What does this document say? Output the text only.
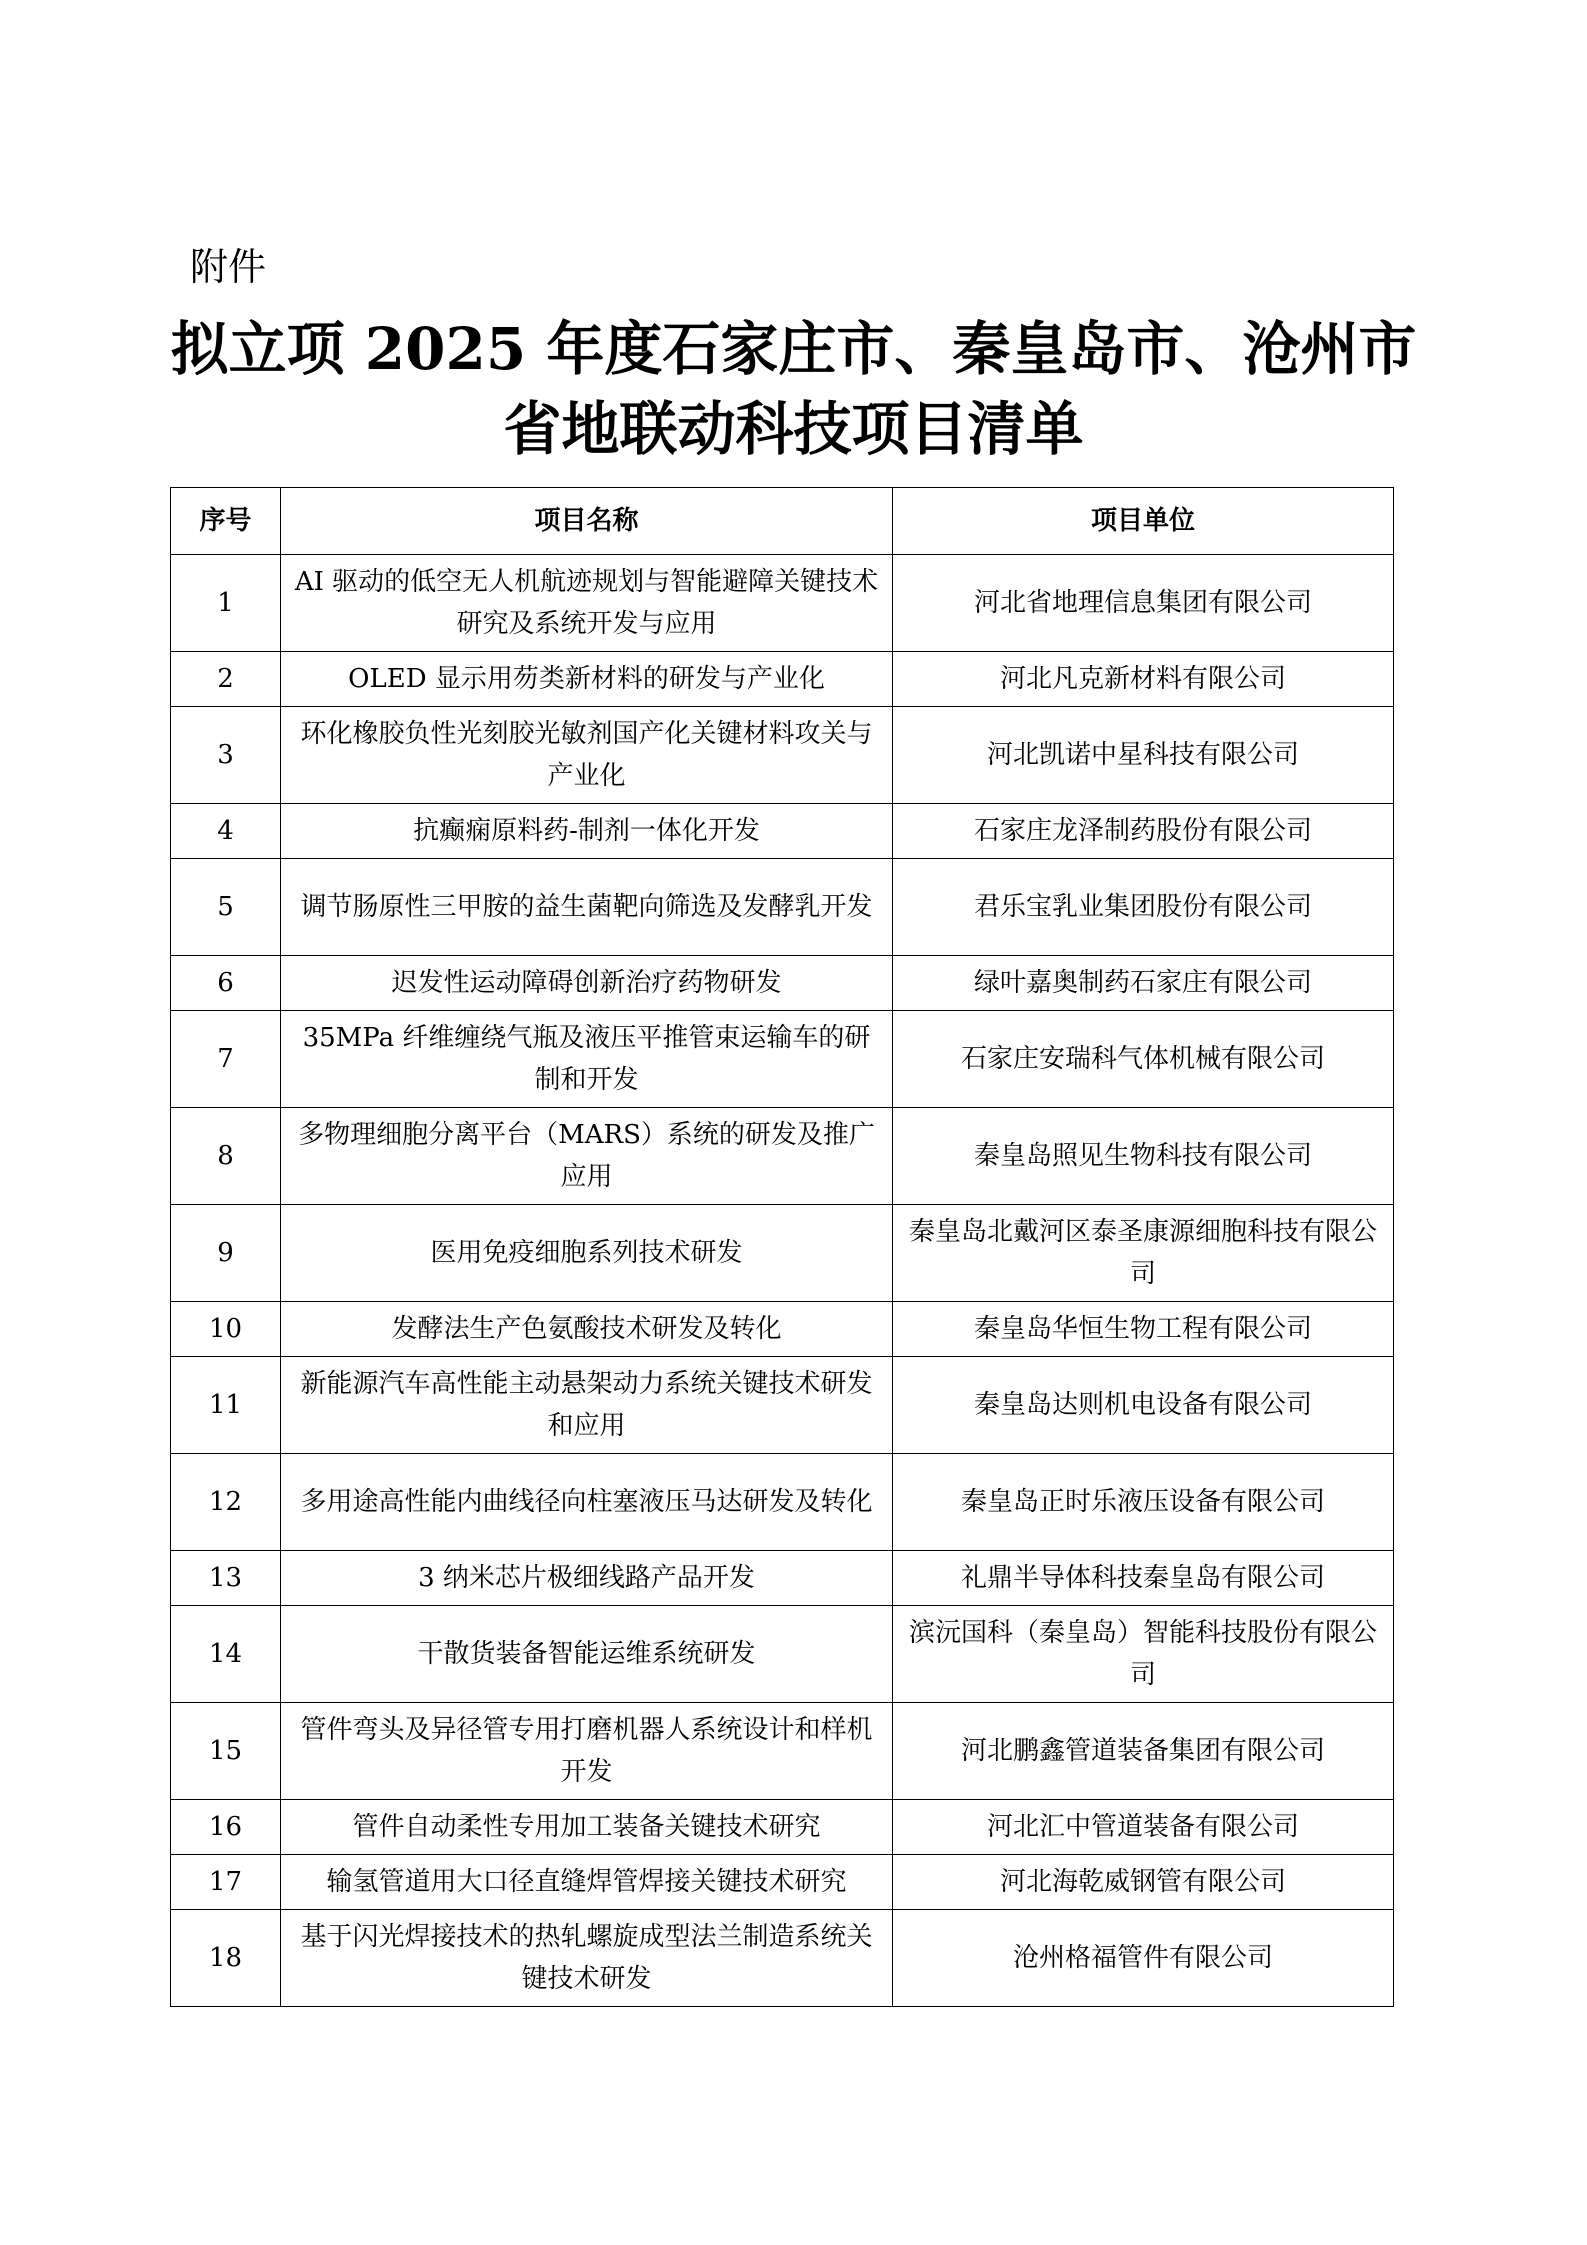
附件
拟立项 2025 年度石家庄市、秦皇岛市、沧州市
省地联动科技项目清单
序号	项目名称	项目单位
1	AI 驱动的低空无人机航迹规划与智能避障关键技术研究及系统开发与应用	河北省地理信息集团有限公司
2	OLED 显示用芴类新材料的研发与产业化	河北凡克新材料有限公司
3	环化橡胶负性光刻胶光敏剂国产化关键材料攻关与产业化	河北凯诺中星科技有限公司
4	抗癫痫原料药-制剂一体化开发	石家庄龙泽制药股份有限公司
5	调节肠原性三甲胺的益生菌靶向筛选及发酵乳开发	君乐宝乳业集团股份有限公司
6	迟发性运动障碍创新治疗药物研发	绿叶嘉奥制药石家庄有限公司
7	35MPa 纤维缠绕气瓶及液压平推管束运输车的研制和开发	石家庄安瑞科气体机械有限公司
8	多物理细胞分离平台（MARS）系统的研发及推广应用	秦皇岛照见生物科技有限公司
9	医用免疫细胞系列技术研发	秦皇岛北戴河区泰圣康源细胞科技有限公司
10	发酵法生产色氨酸技术研发及转化	秦皇岛华恒生物工程有限公司
11	新能源汽车高性能主动悬架动力系统关键技术研发和应用	秦皇岛达则机电设备有限公司
12	多用途高性能内曲线径向柱塞液压马达研发及转化	秦皇岛正时乐液压设备有限公司
13	3 纳米芯片极细线路产品开发	礼鼎半导体科技秦皇岛有限公司
14	干散货装备智能运维系统研发	滨沅国科（秦皇岛）智能科技股份有限公司
15	管件弯头及异径管专用打磨机器人系统设计和样机开发	河北鹏鑫管道装备集团有限公司
16	管件自动柔性专用加工装备关键技术研究	河北汇中管道装备有限公司
17	输氢管道用大口径直缝焊管焊接关键技术研究	河北海乾威钢管有限公司
18	基于闪光焊接技术的热轧螺旋成型法兰制造系统关键技术研发	沧州格福管件有限公司
